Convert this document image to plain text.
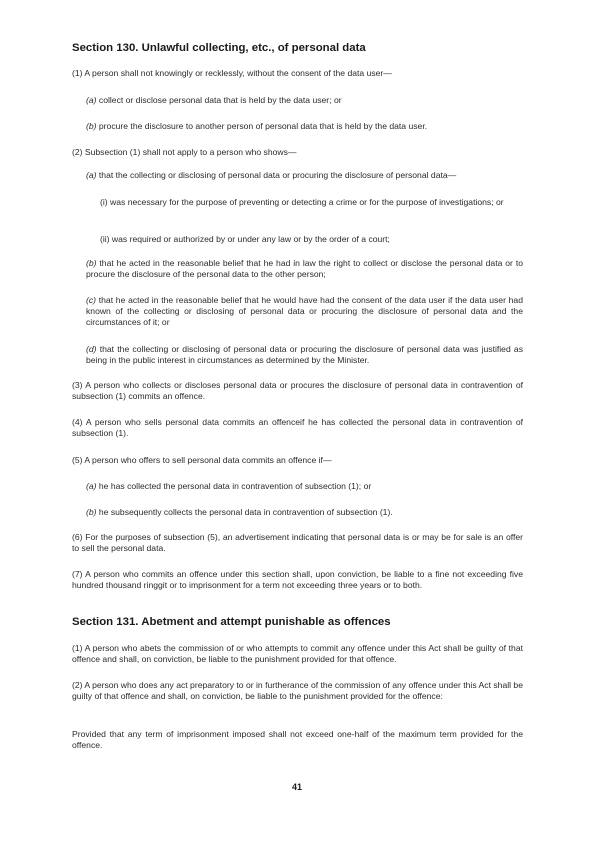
Section 130. Unlawful collecting, etc., of personal data
(1) A person shall not knowingly or recklessly, without the consent of the data user—
(a) collect or disclose personal data that is held by the data user; or
(b) procure the disclosure to another person of personal data that is held by the data user.
(2) Subsection (1) shall not apply to a person who shows—
(a) that the collecting or disclosing of personal data or procuring the disclosure of personal data—
(i) was necessary for the purpose of preventing or detecting a crime or for the purpose of investigations; or
(ii) was required or authorized by or under any law or by the order of a court;
(b) that he acted in the reasonable belief that he had in law the right to collect or disclose the personal data or to procure the disclosure of the personal data to the other person;
(c) that he acted in the reasonable belief that he would have had the consent of the data user if the data user had known of the collecting or disclosing of personal data or procuring the disclosure of personal data and the circumstances of it; or
(d) that the collecting or disclosing of personal data or procuring the disclosure of personal data was justified as being in the public interest in circumstances as determined by the Minister.
(3) A person who collects or discloses personal data or procures the disclosure of personal data in contravention of subsection (1) commits an offence.
(4) A person who sells personal data commits an offenceif he has collected the personal data in contravention of subsection (1).
(5) A person who offers to sell personal data commits an offence if—
(a) he has collected the personal data in contravention of subsection (1); or
(b) he subsequently collects the personal data in contravention of subsection (1).
(6) For the purposes of subsection (5), an advertisement indicating that personal data is or may be for sale is an offer to sell the personal data.
(7) A person who commits an offence under this section shall, upon conviction, be liable to a fine not exceeding five hundred thousand ringgit or to imprisonment for a term not exceeding three years or to both.
Section 131. Abetment and attempt punishable as offences
(1) A person who abets the commission of or who attempts to commit any offence under this Act shall be guilty of that offence and shall, on conviction, be liable to the punishment provided for that offence.
(2) A person who does any act preparatory to or in furtherance of the commission of any offence under this Act shall be guilty of that offence and shall, on conviction, be liable to the punishment provided for the offence:
Provided that any term of imprisonment imposed shall not exceed one-half of the maximum term provided for the offence.
41
